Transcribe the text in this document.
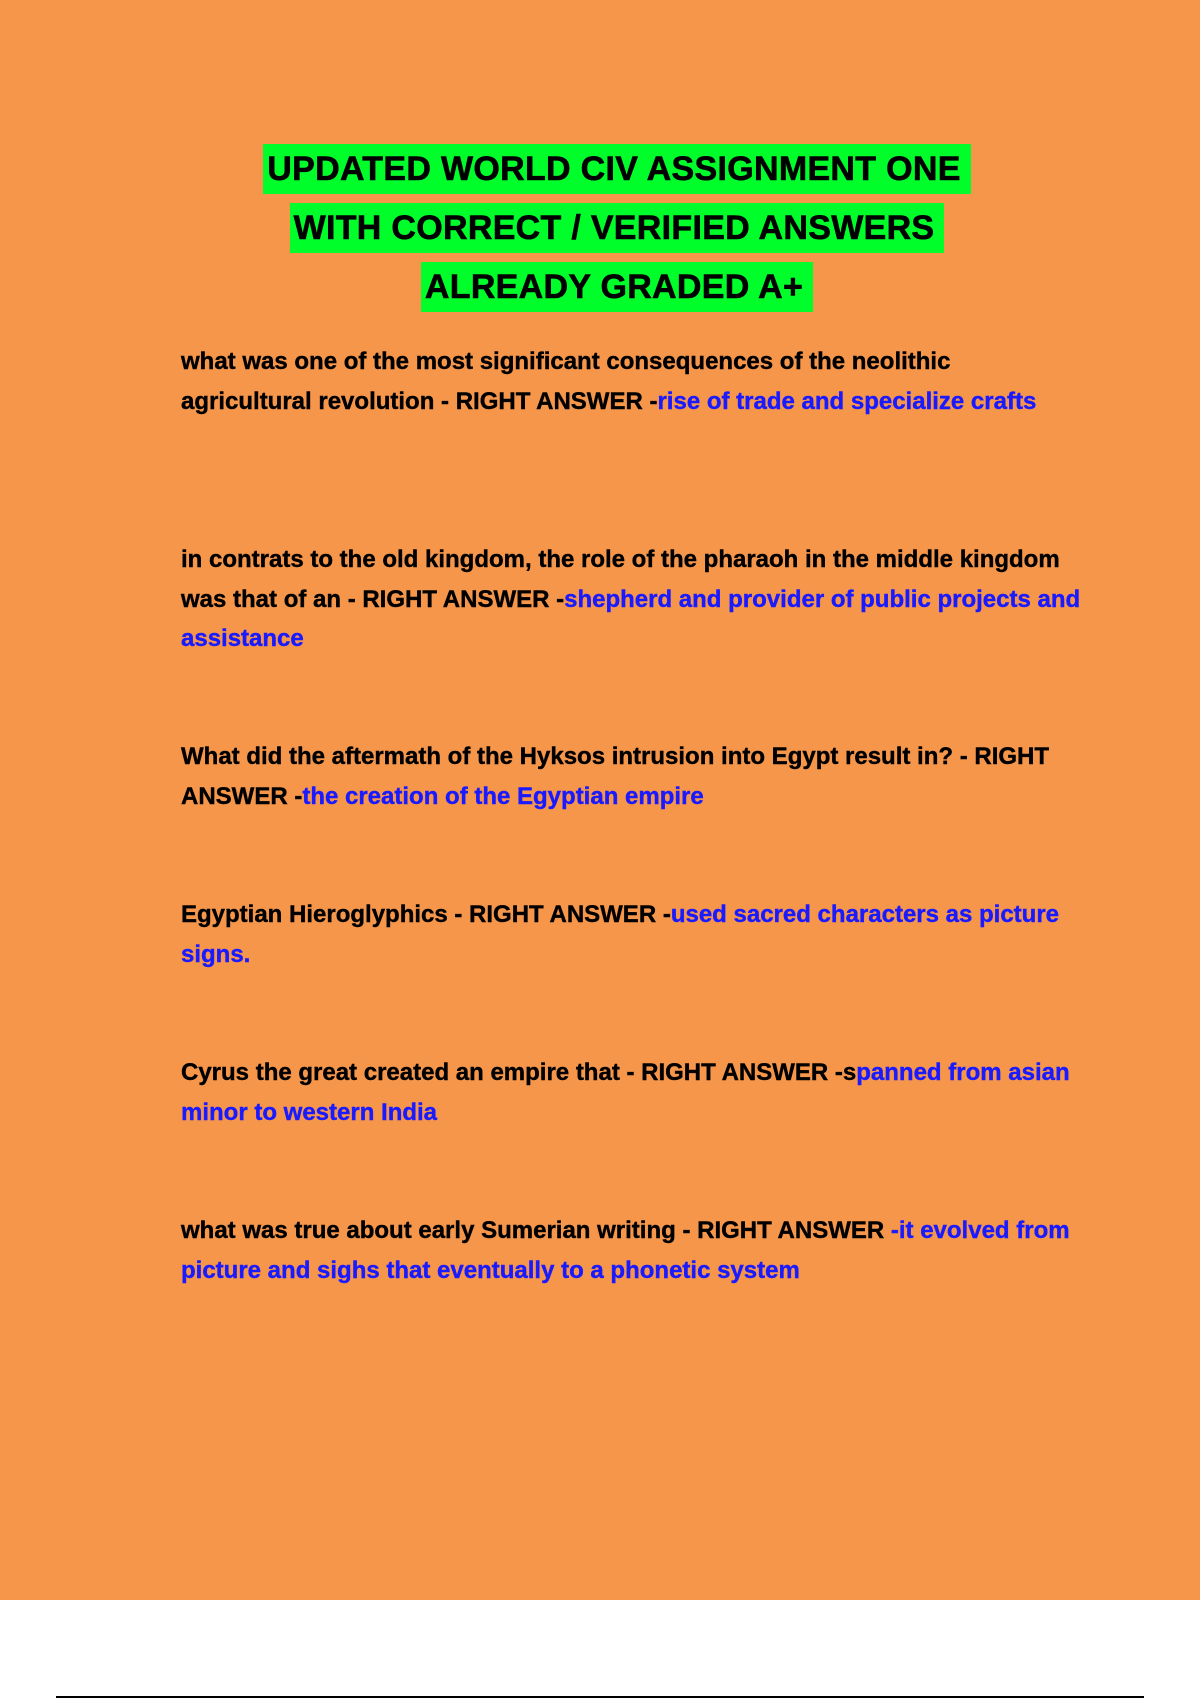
UPDATED WORLD CIV ASSIGNMENT ONE
WITH CORRECT / VERIFIED ANSWERS
ALREADY GRADED A+
what was one of the most significant consequences of the neolithic agricultural revolution - RIGHT ANSWER -rise of trade and specialize crafts
in contrats to the old kingdom, the role of the pharaoh in the middle kingdom was that of an - RIGHT ANSWER -shepherd and provider of public projects and assistance
What did the aftermath of the Hyksos intrusion into Egypt result in? - RIGHT ANSWER -the creation of the Egyptian empire
Egyptian Hieroglyphics - RIGHT ANSWER -used sacred characters as picture signs.
Cyrus the great created an empire that - RIGHT ANSWER -spanned from asian minor to western India
what was true about early Sumerian writing - RIGHT ANSWER -it evolved from picture and sighs that eventually to a phonetic system
